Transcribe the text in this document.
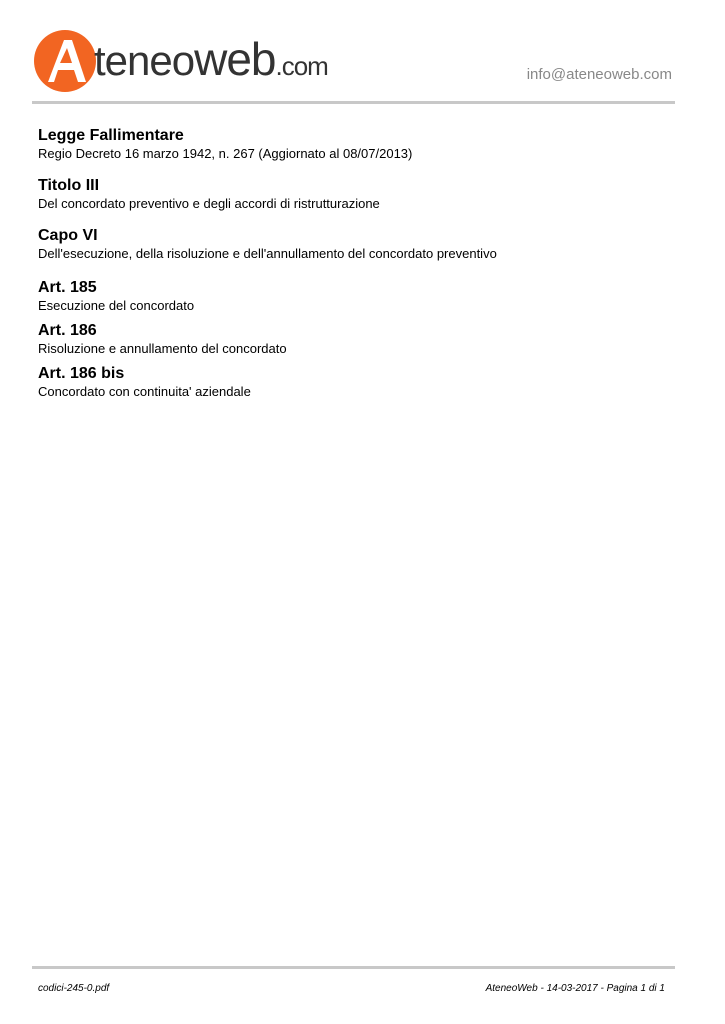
teneoweb.com	info@ateneoweb.com
Legge Fallimentare

Regio Decreto 16 marzo 1942, n. 267 (Aggiornato al 08/07/2013)

Titolo III

Del concordato preventivo e degli accordi di ristrutturazione

Capo VI

Dell'esecuzione, della risoluzione e dell'annullamento del concordato preventivo

Art. 185

Esecuzione del concordato

Art. 186

Risoluzione e annullamento del concordato

Art. 186 bis

Concordato con continuita' aziendale

codici-245-0.pdf	AteneoWeb - 14-03-2017 - Pagina 1 di 1
